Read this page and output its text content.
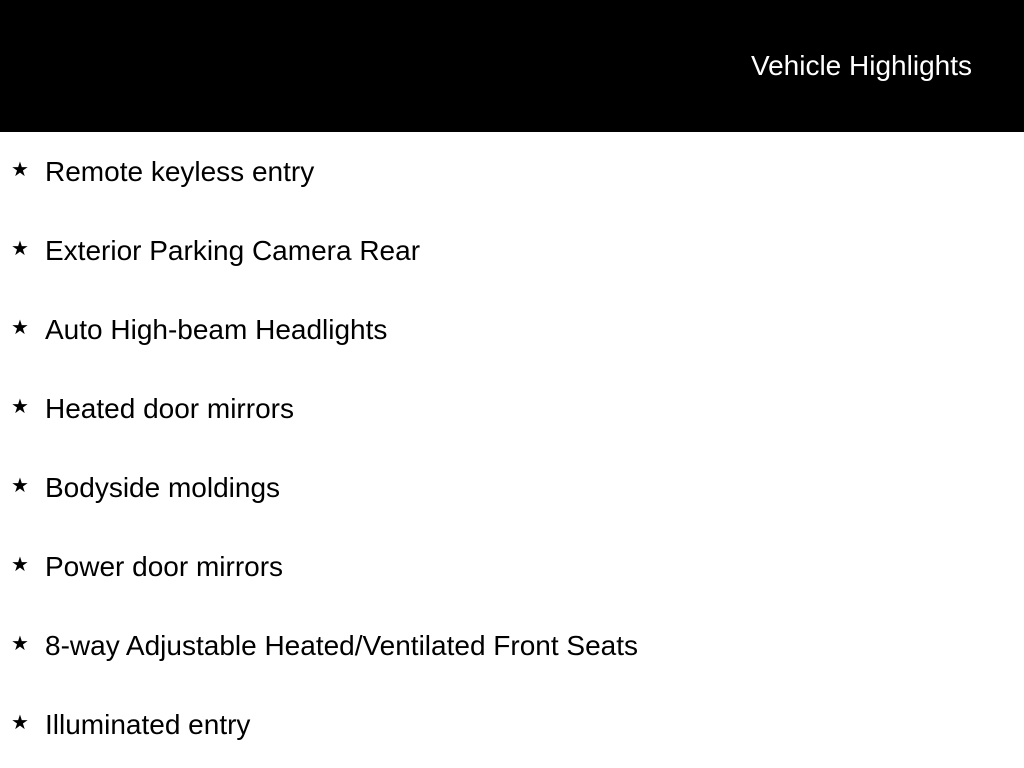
Vehicle Highlights
★ Remote keyless entry
★ Exterior Parking Camera Rear
★ Auto High-beam Headlights
★ Heated door mirrors
★ Bodyside moldings
★ Power door mirrors
★ 8-way Adjustable Heated/Ventilated Front Seats
★ Illuminated entry
